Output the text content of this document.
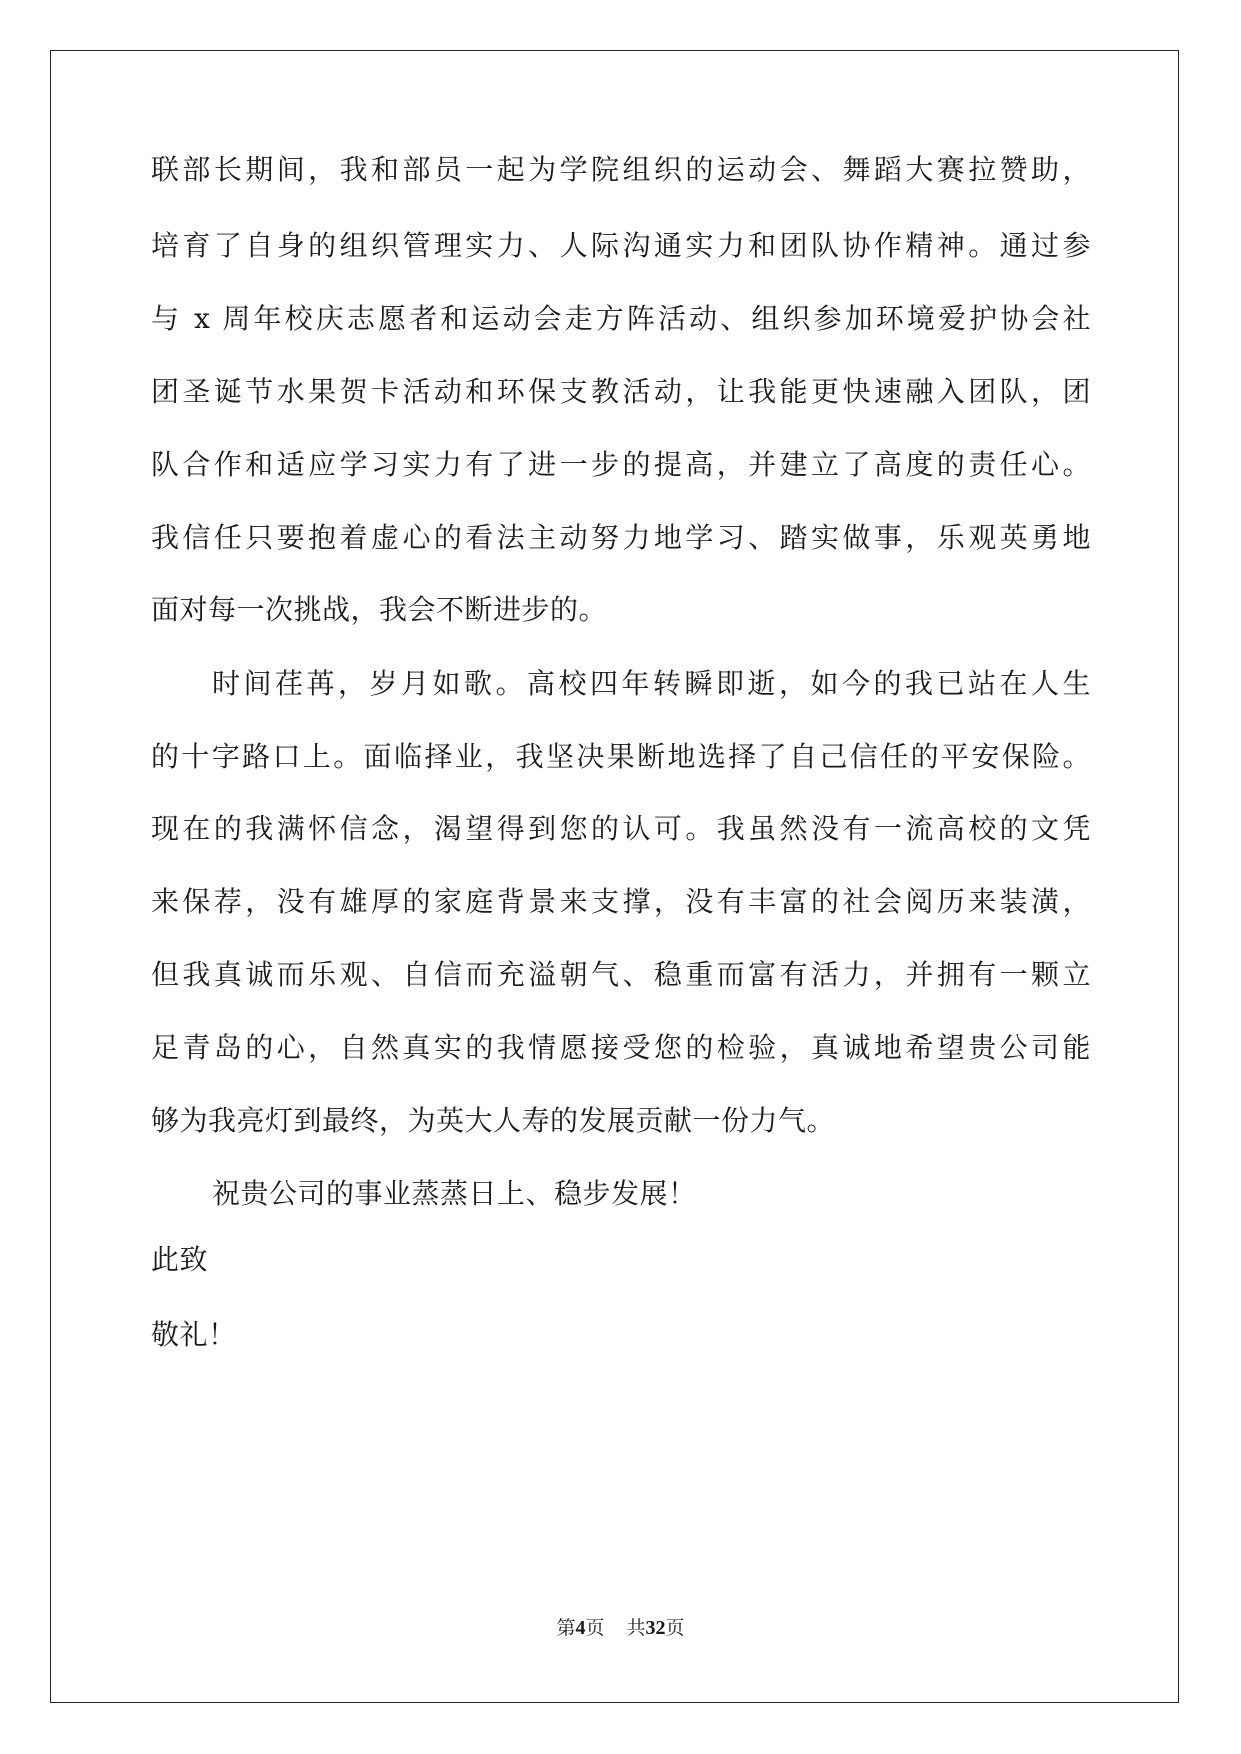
联部长期间，我和部员一起为学院组织的运动会、舞蹈大赛拉赞助，
培育了自身的组织管理实力、人际沟通实力和团队协作精神。通过参
与 x 周年校庆志愿者和运动会走方阵活动、组织参加环境爱护协会社
团圣诞节水果贺卡活动和环保支教活动，让我能更快速融入团队，团
队合作和适应学习实力有了进一步的提高，并建立了高度的责任心。
我信任只要抱着虚心的看法主动努力地学习、踏实做事，乐观英勇地
面对每一次挑战，我会不断进步的。
时间荏苒，岁月如歌。高校四年转瞬即逝，如今的我已站在人生
的十字路口上。面临择业，我坚决果断地选择了自己信任的平安保险。
现在的我满怀信念，渴望得到您的认可。我虽然没有一流高校的文凭
来保荐，没有雄厚的家庭背景来支撑，没有丰富的社会阅历来装潢，
但我真诚而乐观、自信而充溢朝气、稳重而富有活力，并拥有一颗立
足青岛的心，自然真实的我情愿接受您的检验，真诚地希望贵公司能
够为我亮灯到最终，为英大人寿的发展贡献一份力气。
祝贵公司的事业蒸蒸日上、稳步发展！
此致
敬礼！
第4页 共32页
